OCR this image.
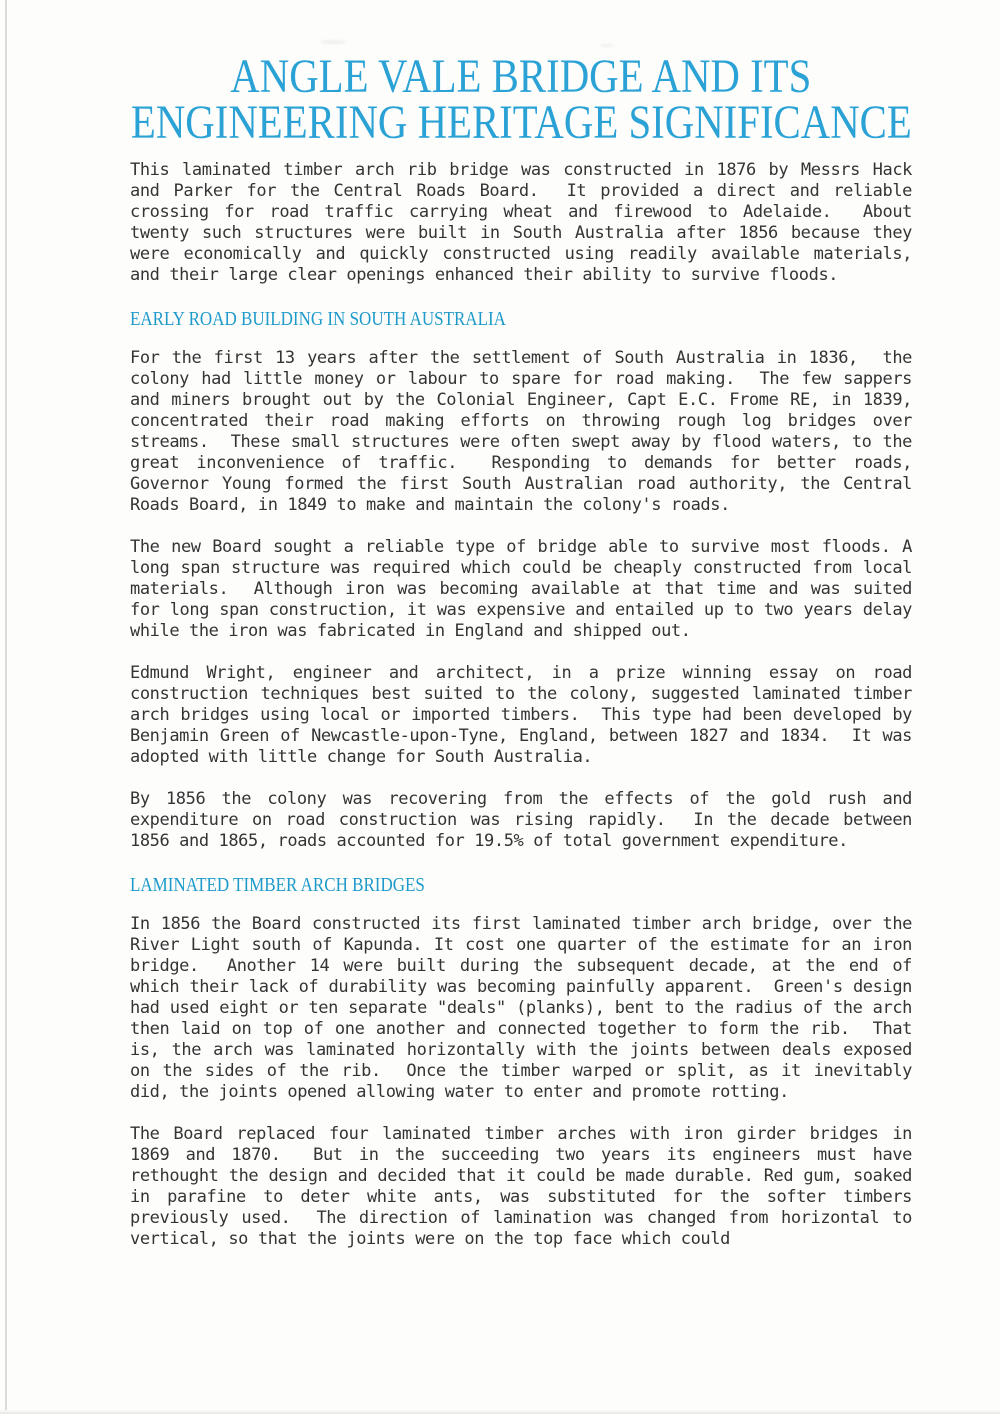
ANGLE VALE BRIDGE AND ITS
ENGINEERING HERITAGE SIGNIFICANCE

This laminated timber arch rib bridge was constructed in 1876 by Messrs Hack and Parker for the Central Roads Board.  It provided a direct and reliable crossing for road traffic carrying wheat and firewood to Adelaide.  About twenty such structures were built in South Australia after 1856 because they were economically and quickly constructed using readily available materials, and their large clear openings enhanced their ability to survive floods.

EARLY ROAD BUILDING IN SOUTH AUSTRALIA

For the first 13 years after the settlement of South Australia in 1836,  the colony had little money or labour to spare for road making.  The few sappers and miners brought out by the Colonial Engineer, Capt E.C. Frome RE, in 1839, concentrated their road making efforts on throwing rough log bridges over streams.  These small structures were often swept away by flood waters, to the great inconvenience of traffic.  Responding to demands for better roads, Governor Young formed the first South Australian road authority, the Central Roads Board, in 1849 to make and maintain the colony's roads.

The new Board sought a reliable type of bridge able to survive most floods. A long span structure was required which could be cheaply constructed from local materials.  Although iron was becoming available at that time and was suited for long span construction, it was expensive and entailed up to two years delay while the iron was fabricated in England and shipped out.

Edmund Wright, engineer and architect, in a prize winning essay on road construction techniques best suited to the colony, suggested laminated timber arch bridges using local or imported timbers.  This type had been developed by Benjamin Green of Newcastle-upon-Tyne, England, between 1827 and 1834.  It was adopted with little change for South Australia.

By 1856 the colony was recovering from the effects of the gold rush and expenditure on road construction was rising rapidly.  In the decade between 1856 and 1865, roads accounted for 19.5% of total government expenditure.

LAMINATED TIMBER ARCH BRIDGES

In 1856 the Board constructed its first laminated timber arch bridge, over the River Light south of Kapunda. It cost one quarter of the estimate for an iron bridge.  Another 14 were built during the subsequent decade, at the end of which their lack of durability was becoming painfully apparent.  Green's design had used eight or ten separate "deals" (planks), bent to the radius of the arch then laid on top of one another and connected together to form the rib.  That is, the arch was laminated horizontally with the joints between deals exposed on the sides of the rib.  Once the timber warped or split, as it inevitably did, the joints opened allowing water to enter and promote rotting.

The Board replaced four laminated timber arches with iron girder bridges in 1869 and 1870.  But in the succeeding two years its engineers must have rethought the design and decided that it could be made durable. Red gum, soaked in parafine to deter white ants, was substituted for the softer timbers previously used.  The direction of lamination was changed from horizontal to vertical, so that the joints were on the top face which could
